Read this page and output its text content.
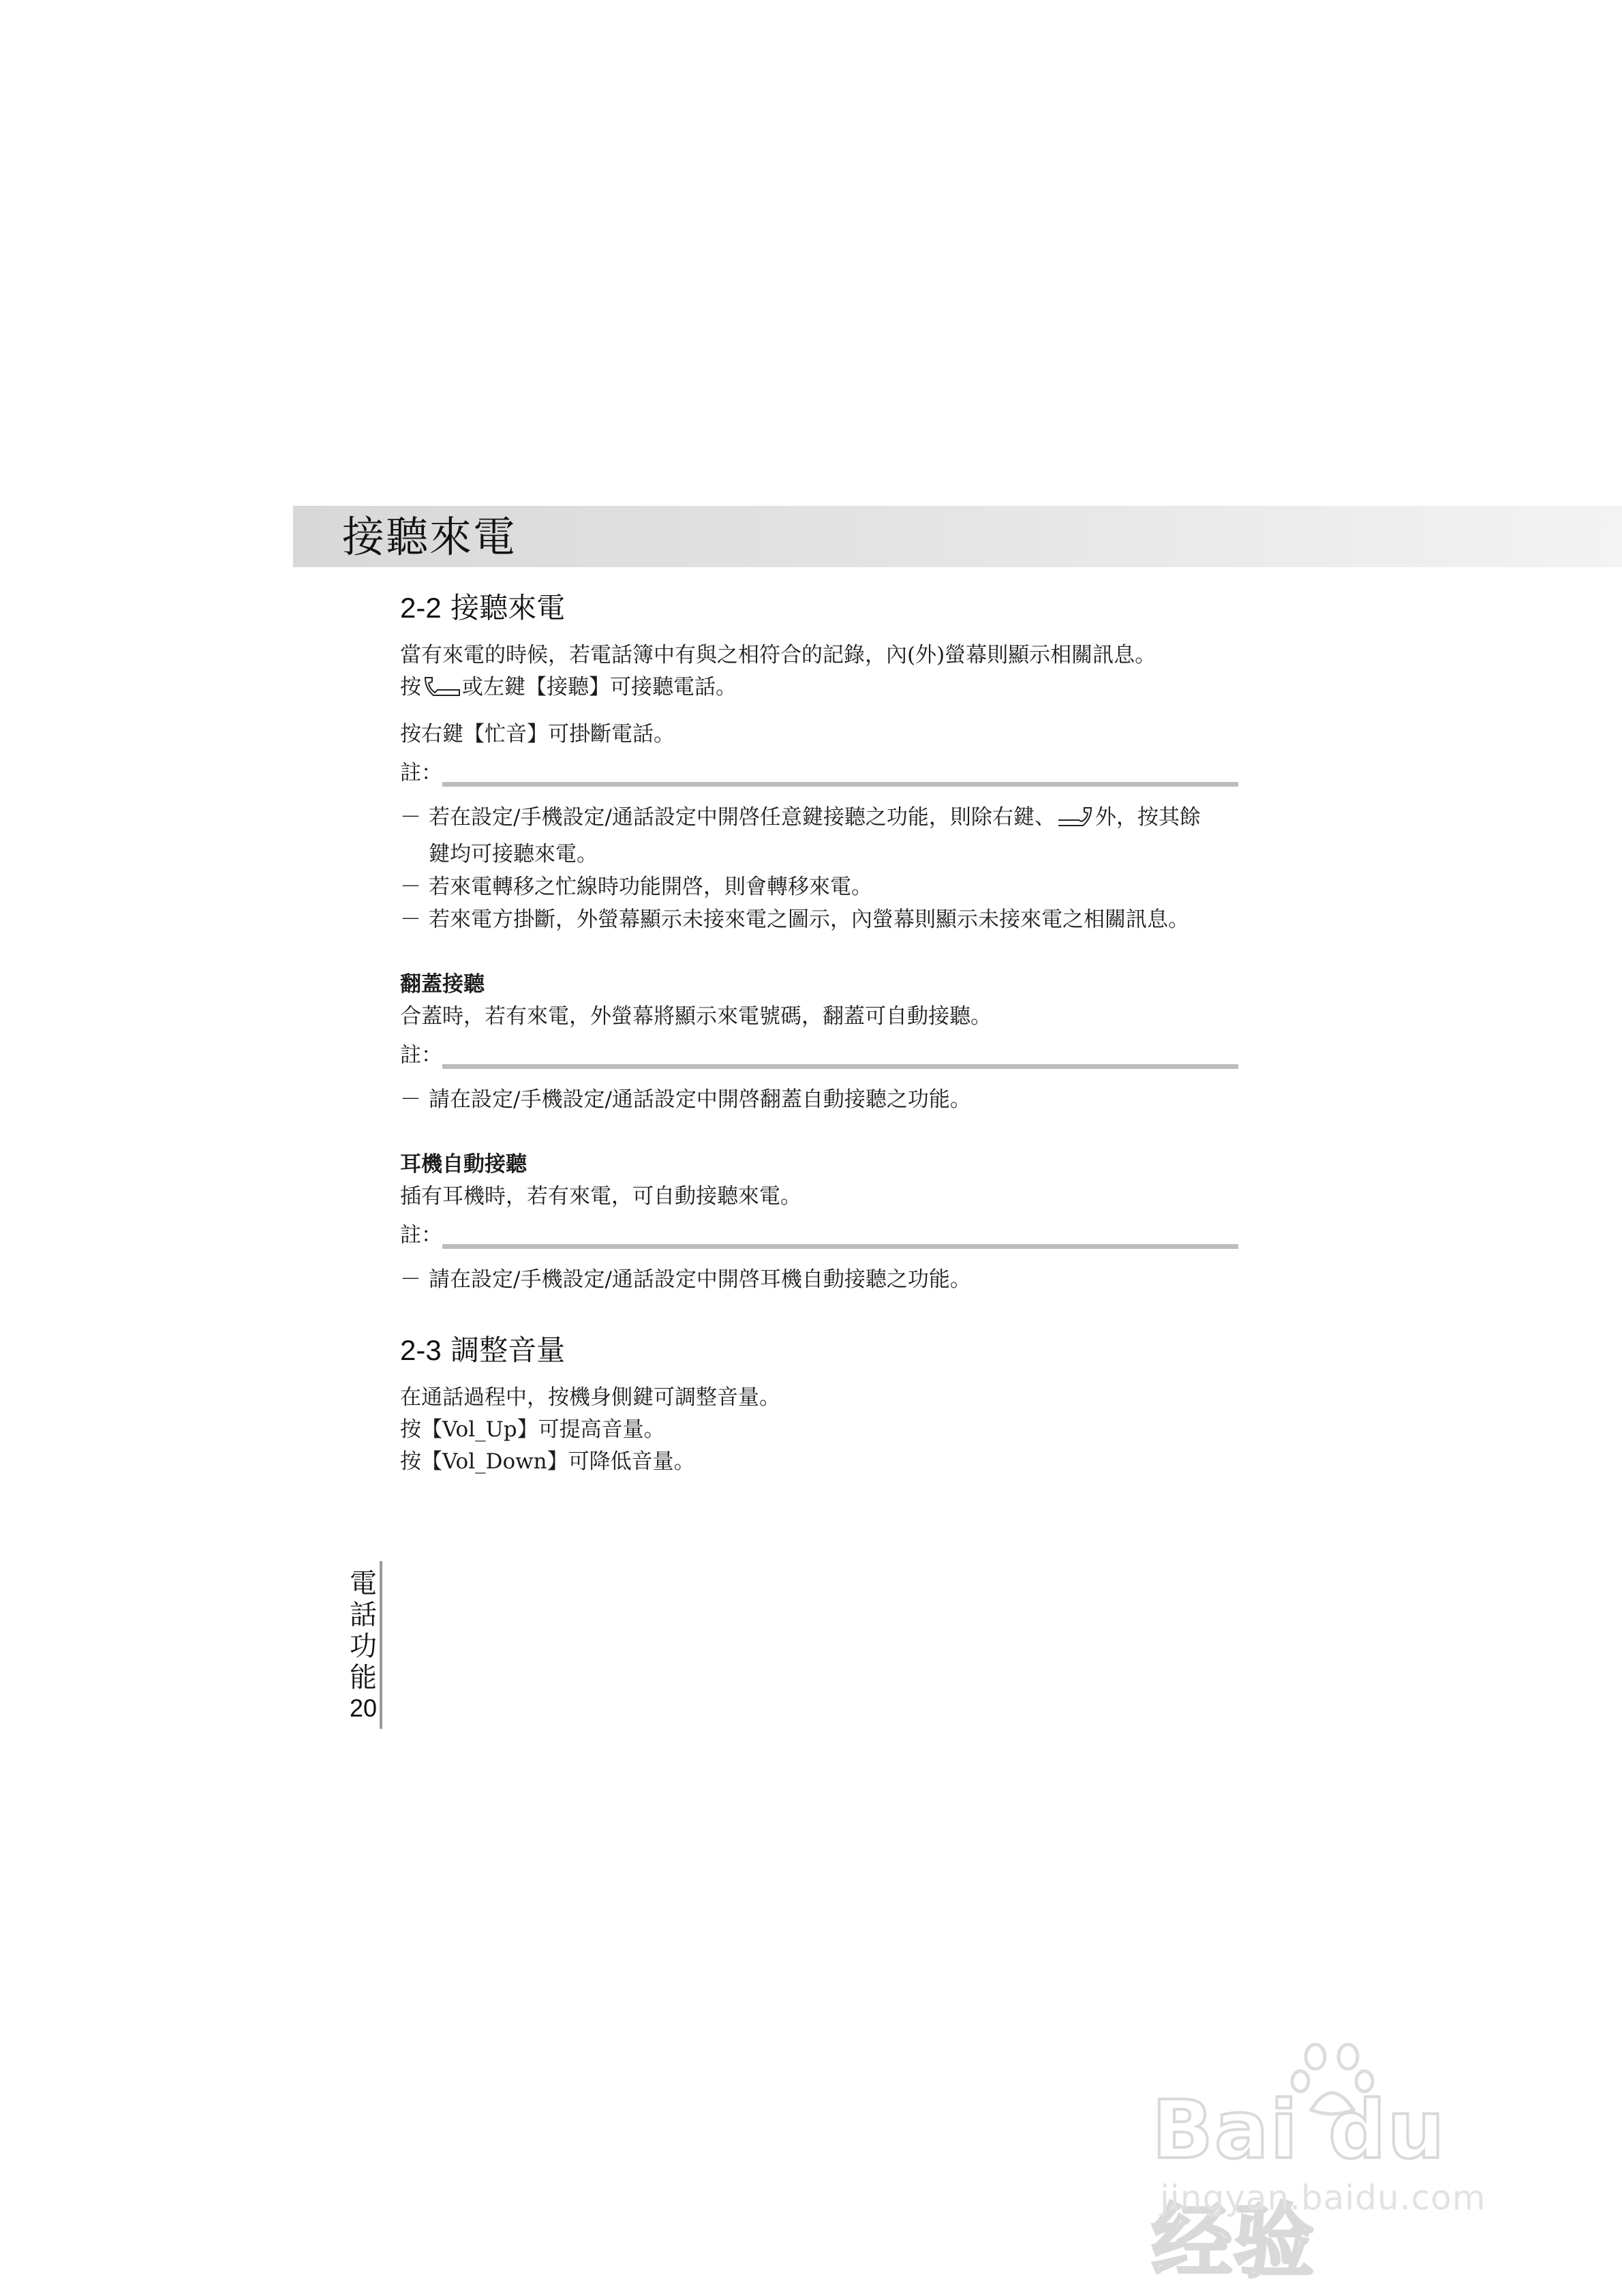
接聽來電
2-2 接聽來電

當有來電的時候，若電話簿中有與之相符合的記錄，內(外)螢幕則顯示相關訊息。

按 或左鍵【接聽】可接聽電話。

按右鍵【忙音】可掛斷電話。

註：

－ 若在設定/手機設定/通話設定中開啓任意鍵接聽之功能，則除右鍵、 外，按其餘
鍵均可接聽來電。

－ 若來電轉移之忙線時功能開啓，則會轉移來電。

－ 若來電方掛斷，外螢幕顯示未接來電之圖示，內螢幕則顯示未接來電之相關訊息。

翻蓋接聽

合蓋時，若有來電，外螢幕將顯示來電號碼，翻蓋可自動接聽。

註：

－ 請在設定/手機設定/通話設定中開啓翻蓋自動接聽之功能。

耳機自動接聽

插有耳機時，若有來電，可自動接聽來電。

註：

－ 請在設定/手機設定/通話設定中開啓耳機自動接聽之功能。

2-3 調整音量

在通話過程中，按機身側鍵可調整音量。

按【Vol_Up】可提高音量。

按【Vol_Down】可降低音量。

電
話
功
能
20
Bai du 经验
jingyan.baidu.com
